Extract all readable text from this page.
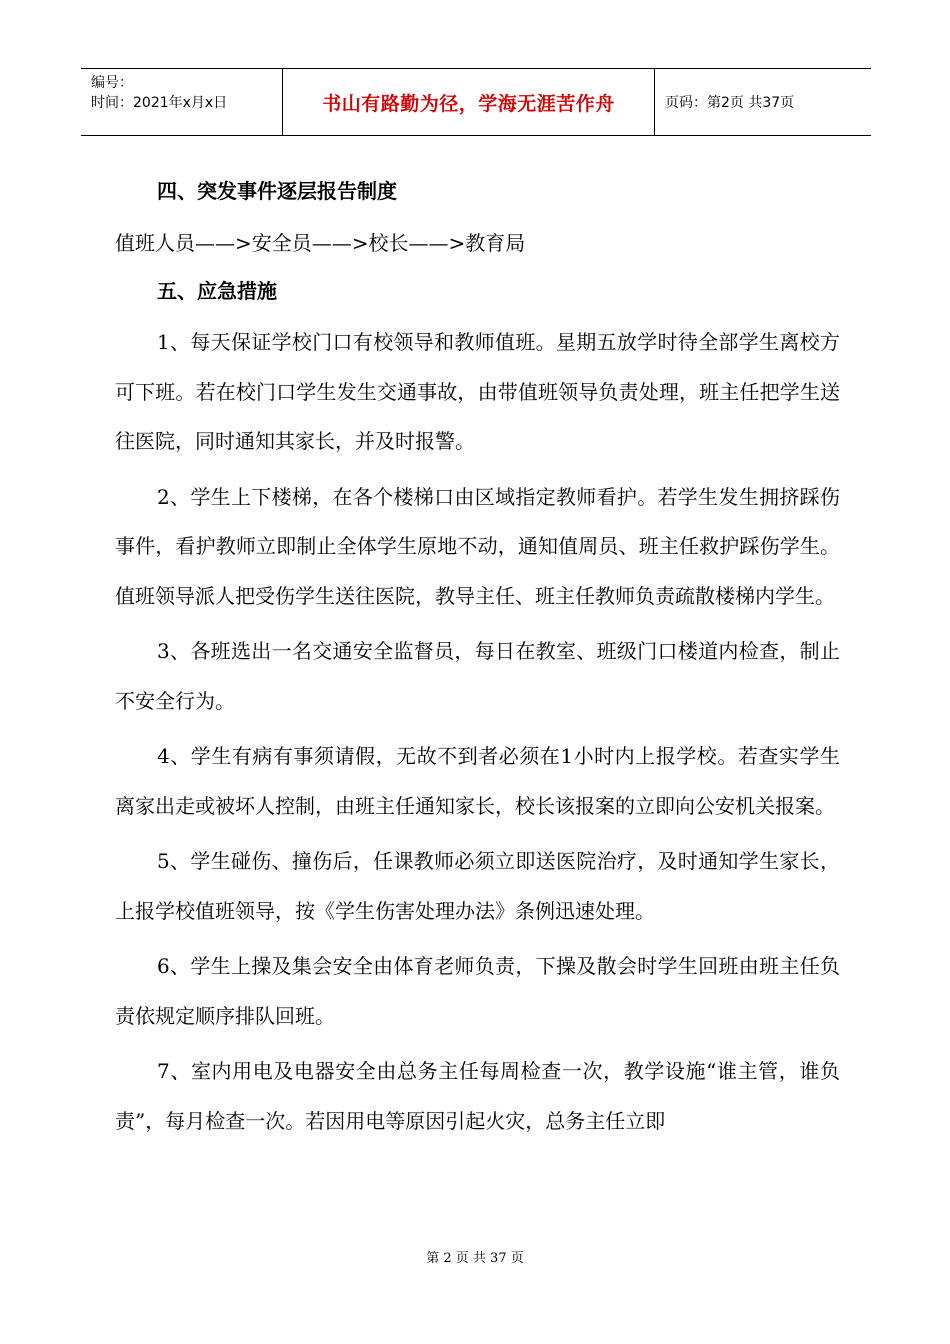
编号：
时间：2021年x月x日	书山有路勤为径，学海无涯苦作舟	页码：第2页 共37页
四、突发事件逐层报告制度
值班人员——>安全员——>校长——>教育局
五、应急措施

1、每天保证学校门口有校领导和教师值班。星期五放学时待全部学生离校方可下班。若在校门口学生发生交通事故，由带值班领导负责处理，班主任把学生送往医院，同时通知其家长，并及时报警。

2、学生上下楼梯，在各个楼梯口由区域指定教师看护。若学生发生拥挤踩伤事件，看护教师立即制止全体学生原地不动，通知值周员、班主任救护踩伤学生。值班领导派人把受伤学生送往医院，教导主任、班主任教师负责疏散楼梯内学生。

3、各班选出一名交通安全监督员，每日在教室、班级门口楼道内检查，制止不安全行为。

4、学生有病有事须请假，无故不到者必须在1小时内上报学校。若查实学生离家出走或被坏人控制，由班主任通知家长，校长该报案的立即向公安机关报案。

5、学生碰伤、撞伤后，任课教师必须立即送医院治疗，及时通知学生家长，上报学校值班领导，按《学生伤害处理办法》条例迅速处理。

6、学生上操及集会安全由体育老师负责，下操及散会时学生回班由班主任负责依规定顺序排队回班。

7、室内用电及电器安全由总务主任每周检查一次，教学设施“谁主管，谁负责”，每月检查一次。若因用电等原因引起火灾，总务主任立即

第 2 页 共 37 页
